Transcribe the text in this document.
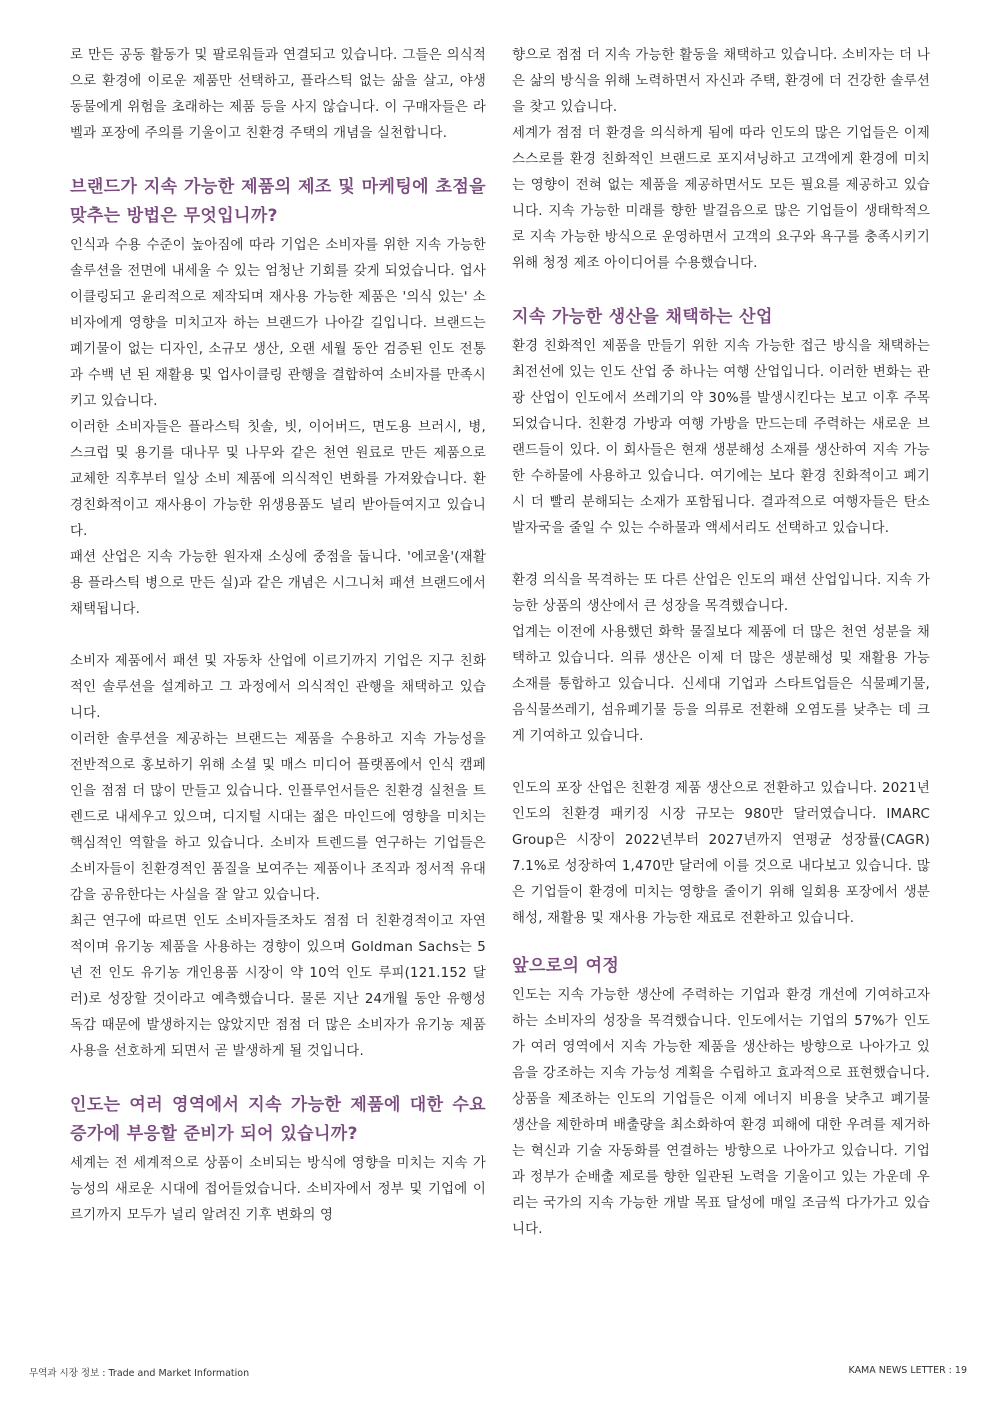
로 만든 공동 활동가 및 팔로워들과 연결되고 있습니다. 그들은 의식적으로 환경에 이로운 제품만 선택하고, 플라스틱 없는 삶을 살고, 야생 동물에게 위험을 초래하는 제품 등을 사지 않습니다. 이 구매자들은 라벨과 포장에 주의를 기울이고 친환경 주택의 개념을 실천합니다.

브랜드가 지속 가능한 제품의 제조 및 마케팅에 초점을 맞추는 방법은 무엇입니까?

인식과 수용 수준이 높아짐에 따라 기업은 소비자를 위한 지속 가능한 솔루션을 전면에 내세울 수 있는 엄청난 기회를 갖게 되었습니다. 업사이클링되고 윤리적으로 제작되며 재사용 가능한 제품은 '의식 있는' 소비자에게 영향을 미치고자 하는 브랜드가 나아갈 길입니다. 브랜드는 폐기물이 없는 디자인, 소규모 생산, 오랜 세월 동안 검증된 인도 전통과 수백 년 된 재활용 및 업사이클링 관행을 결합하여 소비자를 만족시키고 있습니다.

이러한 소비자들은 플라스틱 칫솔, 빗, 이어버드, 면도용 브러시, 병, 스크럽 및 용기를 대나무 및 나무와 같은 천연 원료로 만든 제품으로 교체한 직후부터 일상 소비 제품에 의식적인 변화를 가져왔습니다. 환경친화적이고 재사용이 가능한 위생용품도 널리 받아들여지고 있습니다.

패션 산업은 지속 가능한 원자재 소싱에 중점을 둡니다. '에코울'(재활용 플라스틱 병으로 만든 실)과 같은 개념은 시그니처 패션 브랜드에서 채택됩니다.

소비자 제품에서 패션 및 자동차 산업에 이르기까지 기업은 지구 친화적인 솔루션을 설계하고 그 과정에서 의식적인 관행을 채택하고 있습니다.

이러한 솔루션을 제공하는 브랜드는 제품을 수용하고 지속 가능성을 전반적으로 홍보하기 위해 소셜 및 매스 미디어 플랫폼에서 인식 캠페인을 점점 더 많이 만들고 있습니다. 인플루언서들은 친환경 실천을 트렌드로 내세우고 있으며, 디지털 시대는 젊은 마인드에 영향을 미치는 핵심적인 역할을 하고 있습니다. 소비자 트렌드를 연구하는 기업들은 소비자들이 친환경적인 품질을 보여주는 제품이나 조직과 정서적 유대감을 공유한다는 사실을 잘 알고 있습니다.

최근 연구에 따르면 인도 소비자들조차도 점점 더 친환경적이고 자연적이며 유기농 제품을 사용하는 경향이 있으며 Goldman Sachs는 5년 전 인도 유기농 개인용품 시장이 약 10억 인도 루피(121.152 달러)로 성장할 것이라고 예측했습니다. 물론 지난 24개월 동안 유행성 독감 때문에 발생하지는 않았지만 점점 더 많은 소비자가 유기농 제품 사용을 선호하게 되면서 곧 발생하게 될 것입니다.

인도는 여러 영역에서 지속 가능한 제품에 대한 수요 증가에 부응할 준비가 되어 있습니까?

세계는 전 세계적으로 상품이 소비되는 방식에 영향을 미치는 지속 가능성의 새로운 시대에 접어들었습니다. 소비자에서 정부 및 기업에 이르기까지 모두가 널리 알려진 기후 변화의 영

향으로 점점 더 지속 가능한 활동을 채택하고 있습니다. 소비자는 더 나은 삶의 방식을 위해 노력하면서 자신과 주택, 환경에 더 건강한 솔루션을 찾고 있습니다.

세계가 점점 더 환경을 의식하게 됨에 따라 인도의 많은 기업들은 이제 스스로를 환경 친화적인 브랜드로 포지셔닝하고 고객에게 환경에 미치는 영향이 전혀 없는 제품을 제공하면서도 모든 필요를 제공하고 있습니다. 지속 가능한 미래를 향한 발걸음으로 많은 기업들이 생태학적으로 지속 가능한 방식으로 운영하면서 고객의 요구와 욕구를 충족시키기 위해 청정 제조 아이디어를 수용했습니다.

지속 가능한 생산을 채택하는 산업

환경 친화적인 제품을 만들기 위한 지속 가능한 접근 방식을 채택하는 최전선에 있는 인도 산업 중 하나는 여행 산업입니다. 이러한 변화는 관광 산업이 인도에서 쓰레기의 약 30%를 발생시킨다는 보고 이후 주목되었습니다. 친환경 가방과 여행 가방을 만드는데 주력하는 새로운 브랜드들이 있다. 이 회사들은 현재 생분해성 소재를 생산하여 지속 가능한 수하물에 사용하고 있습니다. 여기에는 보다 환경 친화적이고 폐기 시 더 빨리 분해되는 소재가 포함됩니다. 결과적으로 여행자들은 탄소 발자국을 줄일 수 있는 수하물과 액세서리도 선택하고 있습니다.

환경 의식을 목격하는 또 다른 산업은 인도의 패션 산업입니다. 지속 가능한 상품의 생산에서 큰 성장을 목격했습니다.

업계는 이전에 사용했던 화학 물질보다 제품에 더 많은 천연 성분을 채택하고 있습니다. 의류 생산은 이제 더 많은 생분해성 및 재활용 가능 소재를 통합하고 있습니다. 신세대 기업과 스타트업들은 식물폐기물, 음식물쓰레기, 섬유폐기물 등을 의류로 전환해 오염도를 낮추는 데 크게 기여하고 있습니다.

인도의 포장 산업은 친환경 제품 생산으로 전환하고 있습니다. 2021년 인도의 친환경 패키징 시장 규모는 980만 달러였습니다. IMARC Group은 시장이 2022년부터 2027년까지 연평균 성장률(CAGR) 7.1%로 성장하여 1,470만 달러에 이를 것으로 내다보고 있습니다. 많은 기업들이 환경에 미치는 영향을 줄이기 위해 일회용 포장에서 생분해성, 재활용 및 재사용 가능한 재료로 전환하고 있습니다.

앞으로의 여정

인도는 지속 가능한 생산에 주력하는 기업과 환경 개선에 기여하고자 하는 소비자의 성장을 목격했습니다. 인도에서는 기업의 57%가 인도가 여러 영역에서 지속 가능한 제품을 생산하는 방향으로 나아가고 있음을 강조하는 지속 가능성 계획을 수립하고 효과적으로 표현했습니다. 상품을 제조하는 인도의 기업들은 이제 에너지 비용을 낮추고 폐기물 생산을 제한하며 배출량을 최소화하여 환경 피해에 대한 우려를 제거하는 혁신과 기술 자동화를 연결하는 방향으로 나아가고 있습니다. 기업과 정부가 순배출 제로를 향한 일관된 노력을 기울이고 있는 가운데 우리는 국가의 지속 가능한 개발 목표 달성에 매일 조금씩 다가가고 있습니다.

무역과 시장 정보 : Trade and Market Information	KAMA NEWS LETTER : 19
